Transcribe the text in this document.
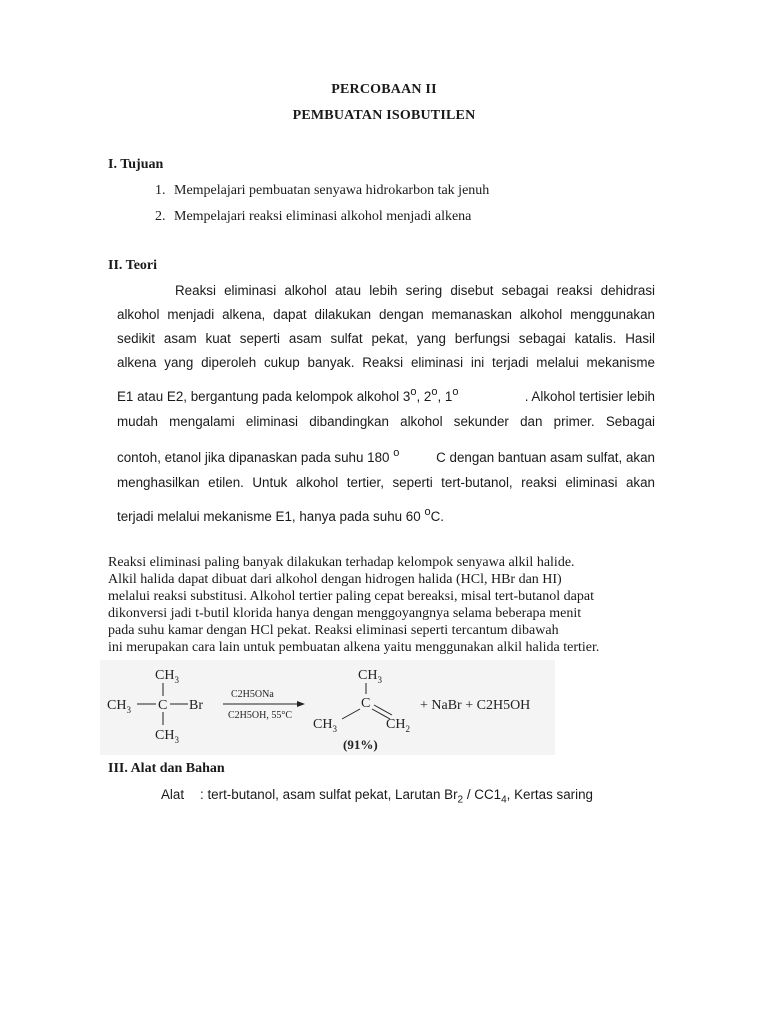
PERCOBAAN II
PEMBUATAN ISOBUTILEN
I. Tujuan
1. Mempelajari pembuatan senyawa hidrokarbon tak jenuh
2. Mempelajari reaksi eliminasi alkohol menjadi alkena
II. Teori
Reaksi eliminasi alkohol atau lebih sering disebut sebagai reaksi dehidrasi
alkohol menjadi alkena, dapat dilakukan dengan memanaskan alkohol menggunakan
sedikit asam kuat seperti asam sulfat pekat, yang berfungsi sebagai katalis. Hasil
alkena yang diperoleh cukup banyak. Reaksi eliminasi ini terjadi melalui mekanisme
E1 atau E2, bergantung pada kelompok alkohol 3$^o$, 2$^o$, 1$^o$	. Alkohol tertisier lebih
mudah mengalami eliminasi dibandingkan alkohol sekunder dan primer. Sebagai
contoh, etanol jika dipanaskan pada suhu 180 $^o$	C dengan bantuan asam sulfat, akan
menghasilkan etilen. Untuk alkohol tertier, seperti tert-butanol, reaksi eliminasi akan
terjadi melalui mekanisme E1, hanya pada suhu 60 $^o$C.
Reaksi eliminasi paling banyak dilakukan terhadap kelompok senyawa alkil halide.
Alkil halida dapat dibuat dari alkohol dengan hidrogen halida (HCl, HBr dan HI)
melalui reaksi substitusi. Alkohol tertier paling cepat bereaksi, misal tert-butanol dapat
dikonversi jadi t-butil klorida hanya dengan menggoyangnya selama beberapa menit
pada suhu kamar dengan HCl pekat. Reaksi eliminasi seperti tercantum dibawah
ini merupakan cara lain untuk pembuatan alkena yaitu menggunakan alkil halida tertier.
$CH_3$
$CH_3$ C Br
$CH_3$
C2H5ONa
C2H5OH, 55°C
$CH_3$
C
$CH_3$	$CH_2$
(91%)
+ NaBr + C2H5OH
III. Alat dan Bahan
Alat : tert-butanol, asam sulfat pekat, Larutan $Br_2 / CC1_4$, Kertas saring
